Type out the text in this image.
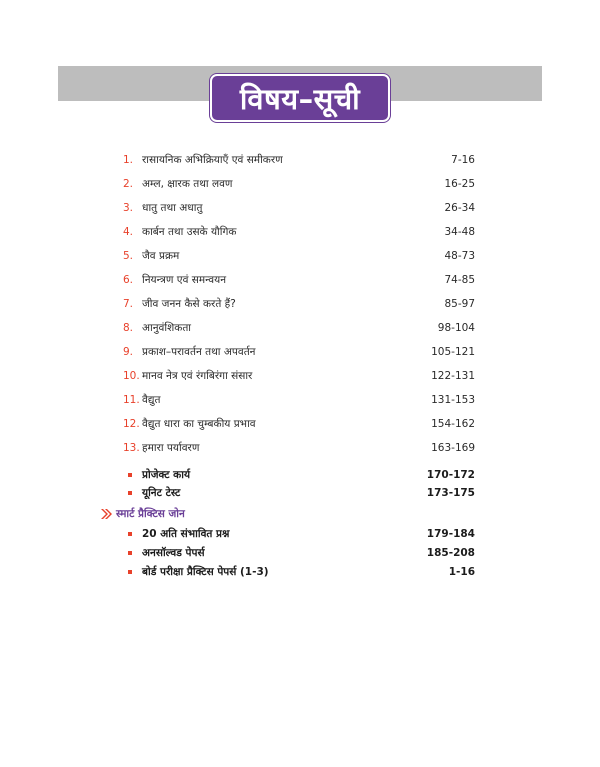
विषय–सूची
1. रासायनिक अभिक्रियाएँ एवं समीकरण	7-16
2. अम्ल, क्षारक तथा लवण	16-25
3. धातु तथा अधातु	26-34
4. कार्बन तथा उसके यौगिक	34-48
5. जैव प्रक्रम	48-73
6. नियन्त्रण एवं समन्वयन	74-85
7. जीव जनन कैसे करते हैं?	85-97
8. आनुवंशिकता	98-104
9. प्रकाश–परावर्तन तथा अपवर्तन	105-121
10. मानव नेत्र एवं रंगबिरंगा संसार	122-131
11. वैद्युत	131-153
12. वैद्युत धारा का चुम्बकीय प्रभाव	154-162
13. हमारा पर्यावरण	163-169
प्रोजेक्ट कार्य	170-172
यूनिट टेस्ट	173-175
स्मार्ट प्रैक्टिस जोन
20 अति संभावित प्रश्न	179-184
अनसॉल्वड पेपर्स	185-208
बोर्ड परीक्षा प्रैक्टिस पेपर्स (1-3)	1-16
